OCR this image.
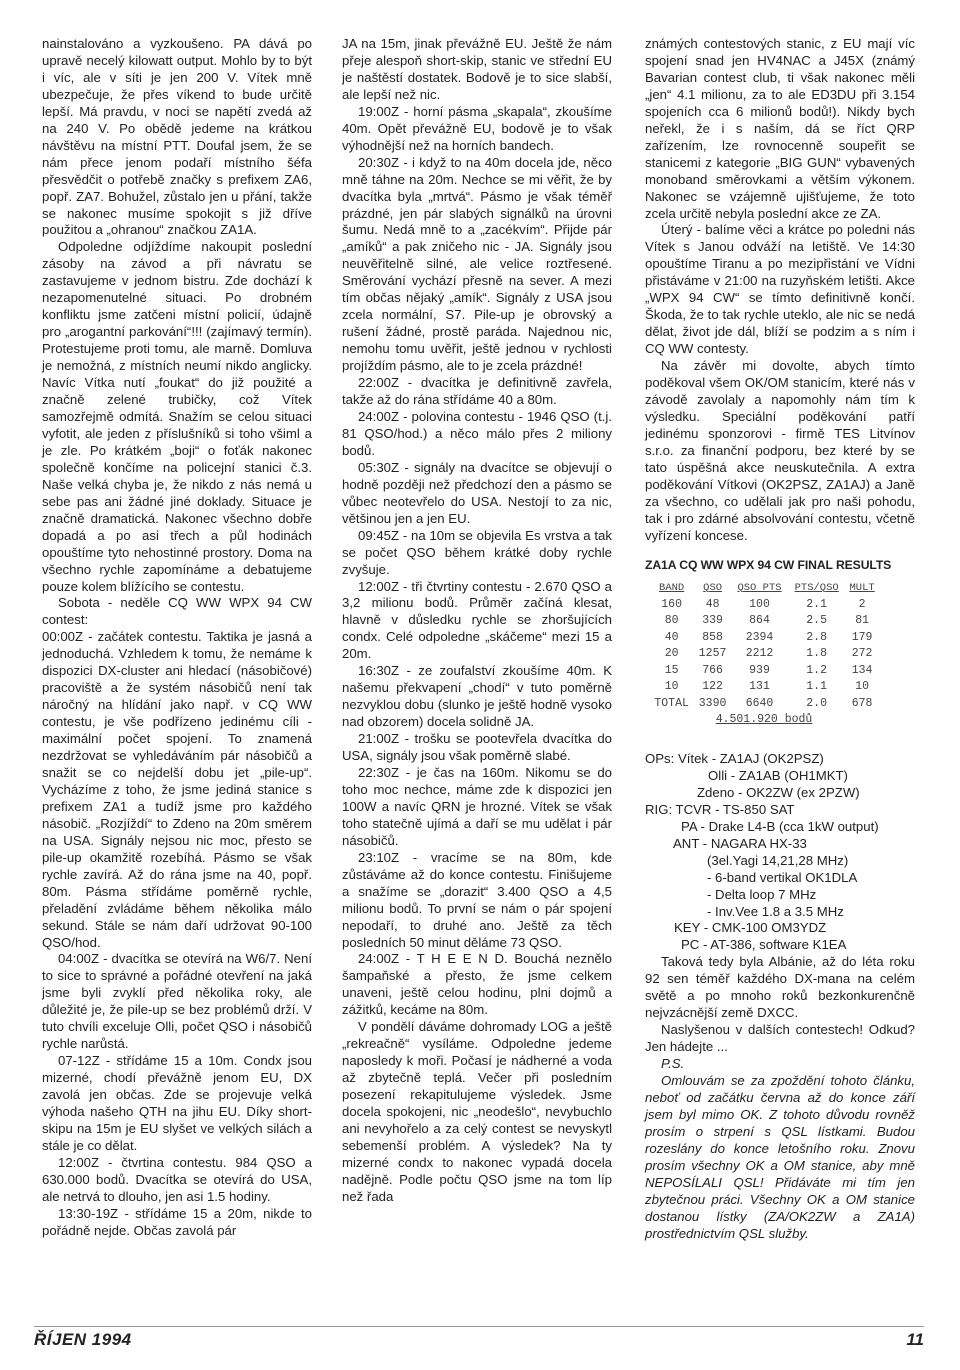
nainstalováno a vyzkoušeno. PA dává po upravě necelý kilowatt output. Mohlo by to být i víc, ale v síti je jen 200 V. Vítek mně ubezpečuje, že přes víkend to bude určitě lepší. Má pravdu, v noci se napětí zvedá až na 240 V. Po obědě jedeme na krátkou návštěvu na místní PTT. Doufal jsem, že se nám přece jenom podaří místního šéfa přesvědčit o potřebě značky s prefixem ZA6, popř. ZA7. Bohužel, zůstalo jen u přání, takže se nakonec musíme spokojit s již dříve použitou a „ohranou“ značkou ZA1A.

Odpoledne odjíždíme nakoupit poslední zásoby na závod a při návratu se zastavujeme v jednom bistru. Zde dochází k nezapomenutelné situaci. Po drobném konfliktu jsme zatčeni místní policií, údajně pro „arogantní parkování“!!! (zajímavý termín). Protestujeme proti tomu, ale marně. Domluva je nemožná, z místních neumí nikdo anglicky. Navíc Vítka nutí „foukat“ do již použité a značně zelené trubičky, což Vítek samozřejmě odmítá. Snažím se celou situaci vyfotit, ale jeden z příslušníků si toho všiml a je zle. Po krátkém „boji“ o foťák nakonec společně končíme na policejní stanici č.3. Naše velká chyba je, že nikdo z nás nemá u sebe pas ani žádné jiné doklady. Situace je značně dramatická. Nakonec všechno dobře dopadá a po asi třech a půl hodinách opouštíme tyto nehostinné prostory. Doma na všechno rychle zapomínáme a debatujeme pouze kolem blížícího se contestu.

Sobota - neděle CQ WW WPX 94 CW contest:

00:00Z - začátek contestu. Taktika je jasná a jednoduchá. Vzhledem k tomu, že nemáme k dispozici DX-cluster ani hledací (násobičové) pracoviště a že systém násobičů není tak náročný na hlídání jako např. v CQ WW contestu, je vše podřízeno jedinému cíli - maximální počet spojení. To znamená nezdržovat se vyhledáváním pár násobičů a snažit se co nejdelší dobu jet „pile-up“. Vycházíme z toho, že jsme jediná stanice s prefixem ZA1 a tudíž jsme pro každého násobič. „Rozjíždí“ to Zdeno na 20m směrem na USA. Signály nejsou nic moc, přesto se pile-up okamžitě rozebíhá. Pásmo se však rychle zavírá. Až do rána jsme na 40, popř. 80m. Pásma střídáme poměrně rychle, přeladění zvládáme během několika málo sekund. Stále se nám daří udržovat 90-100 QSO/hod.

04:00Z - dvacítka se otevírá na W6/7. Není to sice to správné a pořádné otevření na jaká jsme byli zvyklí před několika roky, ale důležité je, že pile-up se bez problémů drží. V tuto chvíli exceluje Olli, počet QSO i násobičů rychle narůstá.

07-12Z - střídáme 15 a 10m. Condx jsou mizerné, chodí převážně jenom EU, DX zavolá jen občas. Zde se projevuje velká výhoda našeho QTH na jihu EU. Díky short-skipu na 15m je EU slyšet ve velkých silách a stále je co dělat.

12:00Z - čtvrtina contestu. 984 QSO a 630.000 bodů. Dvacítka se otevírá do USA, ale netrvá to dlouho, jen asi 1.5 hodiny.

13:30-19Z - střídáme 15 a 20m, nikde to pořádně nejde. Občas zavolá pár

JA na 15m, jinak převážně EU. Ještě že nám přeje alespoň short-skip, stanic ve střední EU je naštěstí dostatek. Bodově je to sice slabší, ale lepší než nic.

19:00Z - horní pásma „skapala“, zkoušíme 40m. Opět převážně EU, bodově je to však výhodnější než na horních bandech.

20:30Z - i když to na 40m docela jde, něco mně táhne na 20m. Nechce se mi věřit, že by dvacítka byla „mrtvá“. Pásmo je však téměř prázdné, jen pár slabých signálků na úrovni šumu. Nedá mně to a „zacékvím“. Přijde pár „amíků“ a pak zničeho nic - JA. Signály jsou neuvěřitelně silné, ale velice roztřesené. Směrování vychází přesně na sever. A mezi tím občas nějaký „amík“. Signály z USA jsou zcela normální, S7. Pile-up je obrovský a rušení žádné, prostě paráda. Najednou nic, nemohu tomu uvěřit, ještě jednou v rychlosti projíždím pásmo, ale to je zcela prázdné!

22:00Z - dvacítka je definitivně zavřela, takže až do rána střídáme 40 a 80m.

24:00Z - polovina contestu - 1946 QSO (t.j. 81 QSO/hod.) a něco málo přes 2 miliony bodů.

05:30Z - signály na dvacítce se objevují o hodně později než předchozí den a pásmo se vůbec neotevřelo do USA. Nestojí to za nic, většinou jen a jen EU.

09:45Z - na 10m se objevila Es vrstva a tak se počet QSO během krátké doby rychle zvyšuje.

12:00Z - tři čtvrtiny contestu - 2.670 QSO a 3,2 milionu bodů. Průměr začíná klesat, hlavně v důsledku rychle se zhoršujících condx. Celé odpoledne „skáčeme“ mezi 15 a 20m.

16:30Z - ze zoufalství zkoušíme 40m. K našemu překvapení „chodí“ v tuto poměrně nezvyklou dobu (slunko je ještě hodně vysoko nad obzorem) docela solidně JA.

21:00Z - trošku se pootevřela dvacítka do USA, signály jsou však poměrně slabé.

22:30Z - je čas na 160m. Nikomu se do toho moc nechce, máme zde k dispozici jen 100W a navíc QRN je hrozné. Vítek se však toho statečně ujímá a daří se mu udělat i pár násobičů.

23:10Z - vracíme se na 80m, kde zůstáváme až do konce contestu. Finišujeme a snažíme se „dorazit“ 3.400 QSO a 4,5 milionu bodů. To první se nám o pár spojení nepodaří, to druhé ano. Ještě za těch posledních 50 minut děláme 73 QSO.

24:00Z - T H E E N D. Bouchá neznělo šampaňské a přesto, že jsme celkem unaveni, ještě celou hodinu, plni dojmů a zážitků, kecáme na 80m.

V pondělí dáváme dohromady LOG a ještě „rekreačně“ vysíláme. Odpoledne jedeme naposledy k moři. Počasí je nádherné a voda až zbytečně teplá. Večer při posledním posezení rekapitulujeme výsledek. Jsme docela spokojeni, nic „neodešlo“, nevybuchlo ani nevyhořelo a za celý contest se nevyskytl sebemenší problém. A výsledek? Na ty mizerné condx to nakonec vypadá docela nadějně. Podle počtu QSO jsme na tom líp než řada

známých contestových stanic, z EU mají víc spojení snad jen HV4NAC a J45X (známý Bavarian contest club, ti však nakonec měli „jen“ 4.1 milionu, za to ale ED3DU při 3.154 spojeních cca 6 milionů bodů!). Nikdy bych neřekl, že i s naším, dá se říct QRP zařízením, lze rovnocenně soupeřit se stanicemi z kategorie „BIG GUN“ vybavených monoband směrovkami a větším výkonem. Nakonec se vzájemně ujišťujeme, že toto zcela určitě nebyla poslední akce ze ZA.

Úterý - balíme věci a krátce po poledni nás Vítek s Janou odváží na letiště. Ve 14:30 opouštíme Tiranu a po mezipřistání ve Vídni přistáváme v 21:00 na ruzyňském letišti. Akce „WPX 94 CW“ se tímto definitivně končí. Škoda, že to tak rychle uteklo, ale nic se nedá dělat, život jde dál, blíží se podzim a s ním i CQ WW contesty.

Na závěr mi dovolte, abych tímto poděkoval všem OK/OM stanicím, které nás v závodě zavolaly a napomohly nám tím k výsledku. Speciální poděkování patří jedinému sponzorovi - firmě TES Litvínov s.r.o. za finanční podporu, bez které by se tato úspěšná akce neuskutečnila. A extra poděkování Vítkovi (OK2PSZ, ZA1AJ) a Janě za všechno, co udělali jak pro naši pohodu, tak i pro zdárné absolvování contestu, včetně vyřízení koncese.

ZA1A CQ WW WPX 94 CW FINAL RESULTS
BAND	QSO	QSO PTS	PTS/QSO	MULT
160	48	100	2.1	2
80	339	864	2.5	81
40	858	2394	2.8	179
20	1257	2212	1.8	272
15	766	939	1.2	134
10	122	131	1.1	10
TOTAL	3390	6640	2.0	678
4.501.920 bodů
OPs: Vítek - ZA1AJ (OK2PSZ)
Olli - ZA1AB (OH1MKT)
Zdeno - OK2ZW (ex 2PZW)
RIG: TCVR - TS-850 SAT
PA - Drake L4-B (cca 1kW output)
ANT - NAGARA HX-33
(3el.Yagi 14,21,28 MHz)
- 6-band vertikal OK1DLA
- Delta loop 7 MHz
- Inv.Vee 1.8 a 3.5 MHz
KEY - CMK-100 OM3YDZ
PC - AT-386, software K1EA

Taková tedy byla Albánie, až do léta roku 92 sen téměř každého DX-mana na celém světě a po mnoho roků bezkonkurenčně nejvzácnější země DXCC.

Naslyšenou v dalších contestech! Odkud? Jen hádejte ...

P.S.

Omlouvám se za zpoždění tohoto článku, neboť od začátku června až do konce září jsem byl mimo OK. Z tohoto důvodu rovněž prosím o strpení s QSL lístkami. Budou rozeslány do konce letošního roku. Znovu prosím všechny OK a OM stanice, aby mně NEPOSÍLALI QSL! Přidáváte mi tím jen zbytečnou práci. Všechny OK a OM stanice dostanou lístky (ZA/OK2ZW a ZA1A) prostřednictvím QSL služby.

ŘÍJEN 1994	11
